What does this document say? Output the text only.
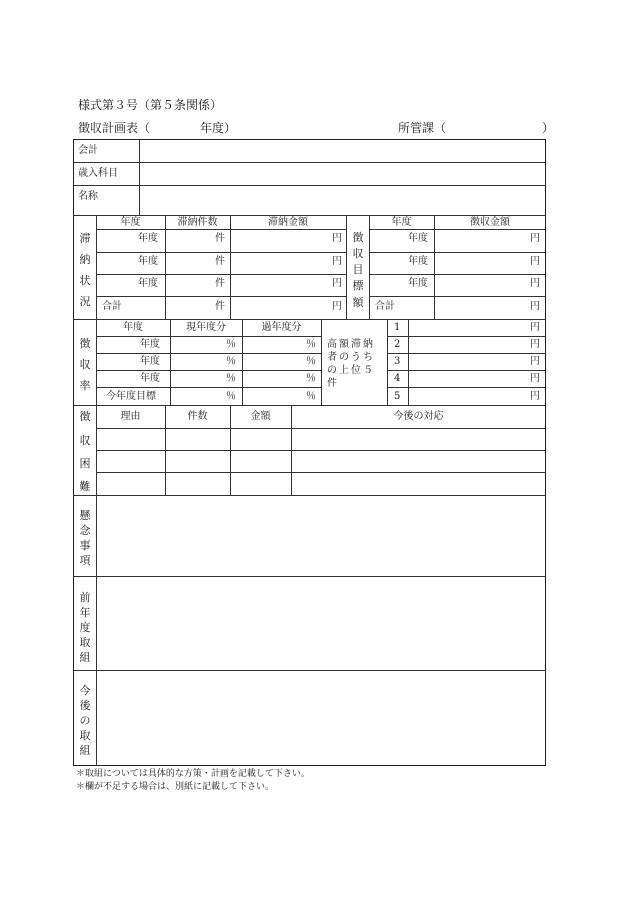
様式第３号（第５条関係）
徴収計画表（	年度）	所管課（	）
会計
歳入科目
名称
滞
納
状
況
年度	滞納件数	滞納金額
年度	件	円
年度	件	円
年度	件	円
合計	件	円
徴
収
目
標
額
年度	徴収金額
年度	円
年度	円
年度	円
合計	円
徴
収
率
年度	現年度分	過年度分
年度	％	％
年度	％	％
年度	％	％
今年度目標	％	％
高額滞納者のうちの上位５件
1	円
2	円
3	円
4	円
5	円
徴
収
困
難
理由	件数	金額	今後の対応
懸念事項
前年度取組
今後の取組
＊取組については具体的な方策・計画を記載して下さい。
＊欄が不足する場合は、別紙に記載して下さい。
